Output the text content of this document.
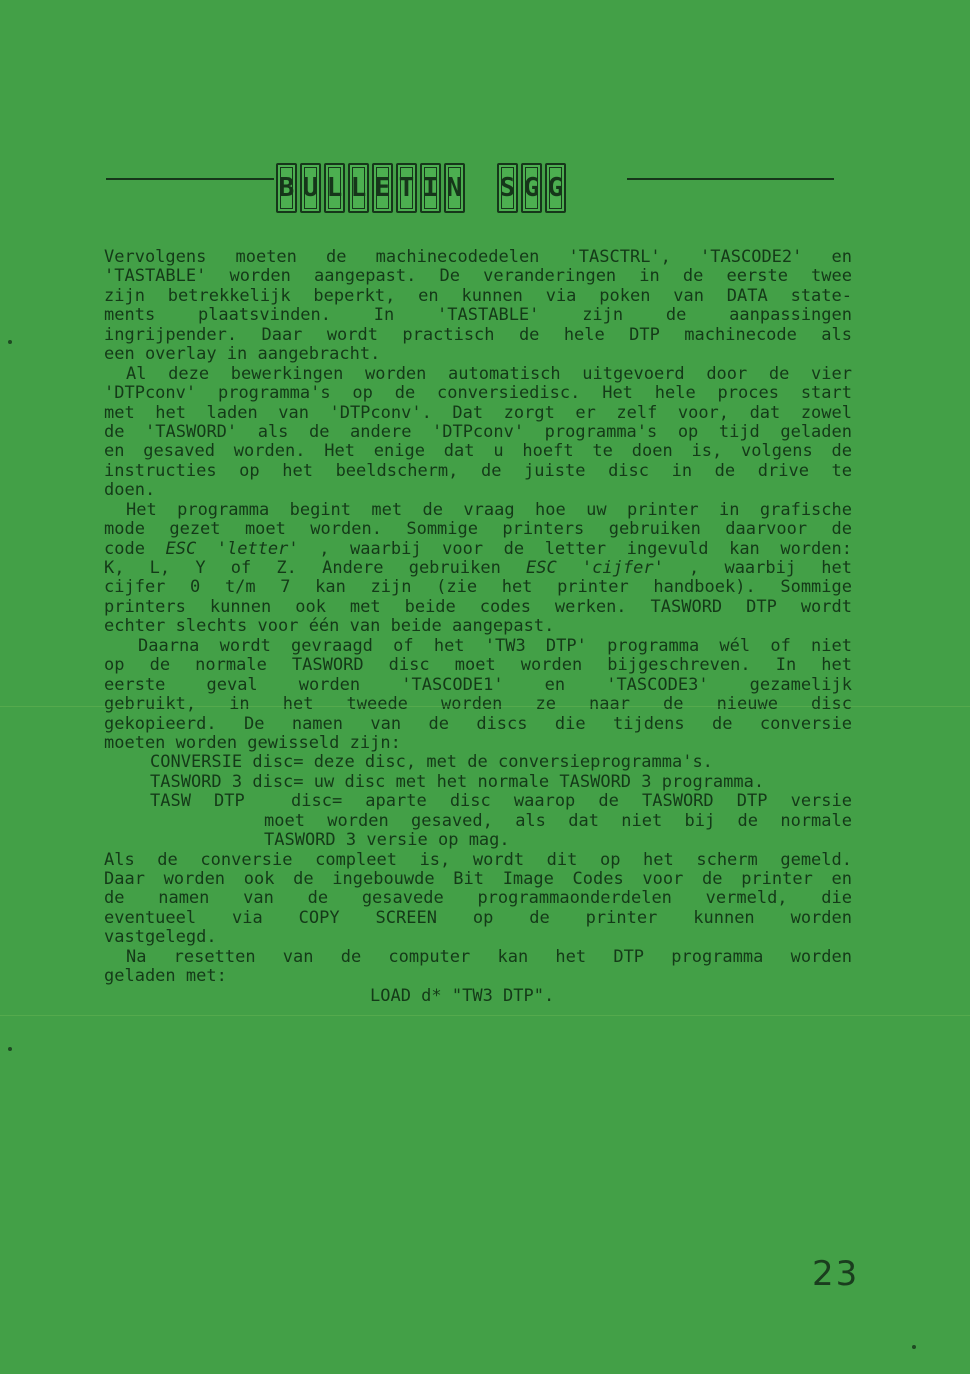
B U L L E T I N S G G
Vervolgens moeten de machinecodedelen 'TASCTRL', 'TASCODE2' en
'TASTABLE' worden aangepast. De veranderingen in de eerste twee
zijn betrekkelijk beperkt, en kunnen via poken van DATA state-
ments plaatsvinden. In 'TASTABLE' zijn de aanpassingen
ingrijpender. Daar wordt practisch de hele DTP machinecode als
een overlay in aangebracht.
Al deze bewerkingen worden automatisch uitgevoerd door de vier
'DTPconv' programma's op de conversiedisc. Het hele proces start
met het laden van 'DTPconv'. Dat zorgt er zelf voor, dat zowel
de 'TASWORD' als de andere 'DTPconv' programma's op tijd geladen
en gesaved worden. Het enige dat u hoeft te doen is, volgens de
instructies op het beeldscherm, de juiste disc in de drive te
doen.
Het programma begint met de vraag hoe uw printer in grafische
mode gezet moet worden. Sommige printers gebruiken daarvoor de
code ESC 'letter' , waarbij voor de letter ingevuld kan worden:
K, L, Y of Z. Andere gebruiken ESC 'cijfer' , waarbij het
cijfer 0 t/m 7 kan zijn (zie het printer handboek). Sommige
printers kunnen ook met beide codes werken. TASWORD DTP wordt
echter slechts voor één van beide aangepast.
Daarna wordt gevraagd of het 'TW3 DTP' programma wél of niet
op de normale TASWORD disc moet worden bijgeschreven. In het
eerste geval worden 'TASCODE1' en 'TASCODE3' gezamelijk
gebruikt, in het tweede worden ze naar de nieuwe disc
gekopieerd. De namen van de discs die tijdens de conversie
moeten worden gewisseld zijn:
CONVERSIE disc= deze disc, met de conversieprogramma's.
TASWORD 3 disc= uw disc met het normale TASWORD 3 programma.
TASW DTP  disc= aparte disc waarop de TASWORD DTP versie
moet worden gesaved, als dat niet bij de normale
TASWORD 3 versie op mag.
Als de conversie compleet is, wordt dit op het scherm gemeld.
Daar worden ook de ingebouwde Bit Image Codes voor de printer en
de namen van de gesavede programmaonderdelen vermeld, die
eventueel via COPY SCREEN op de printer kunnen worden
vastgelegd.
Na resetten van de computer kan het DTP programma worden
geladen met:
LOAD d* "TW3 DTP".
23
